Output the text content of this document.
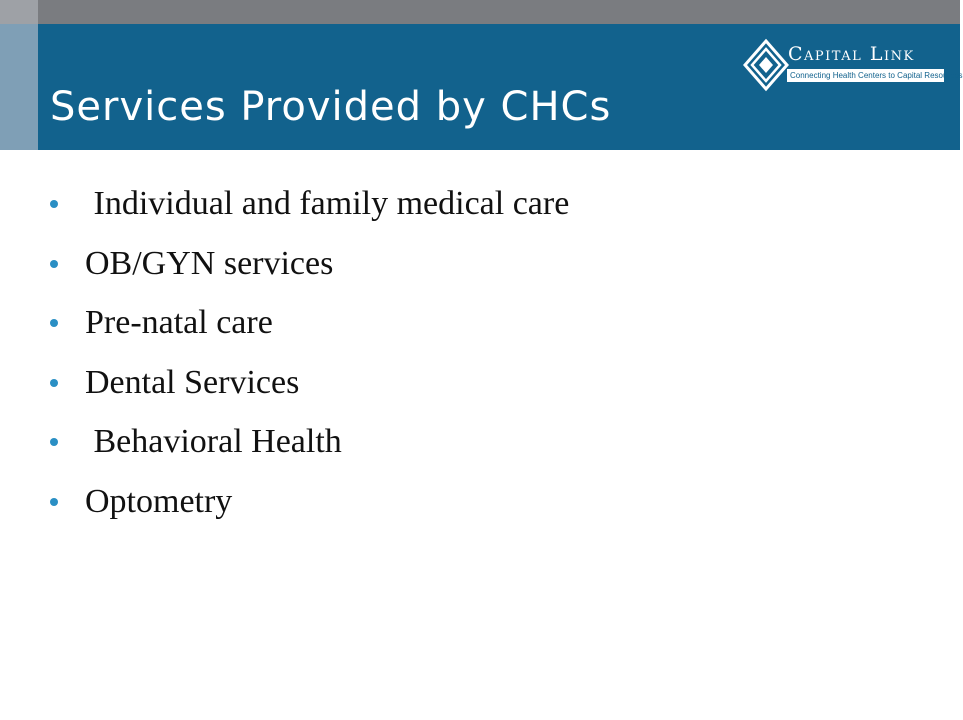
Services Provided by CHCs
Capital Link
Connecting Health Centers to Capital Resources

Individual and family medical care

OB/GYN services

Pre-natal care

Dental Services

Behavioral Health

Optometry
